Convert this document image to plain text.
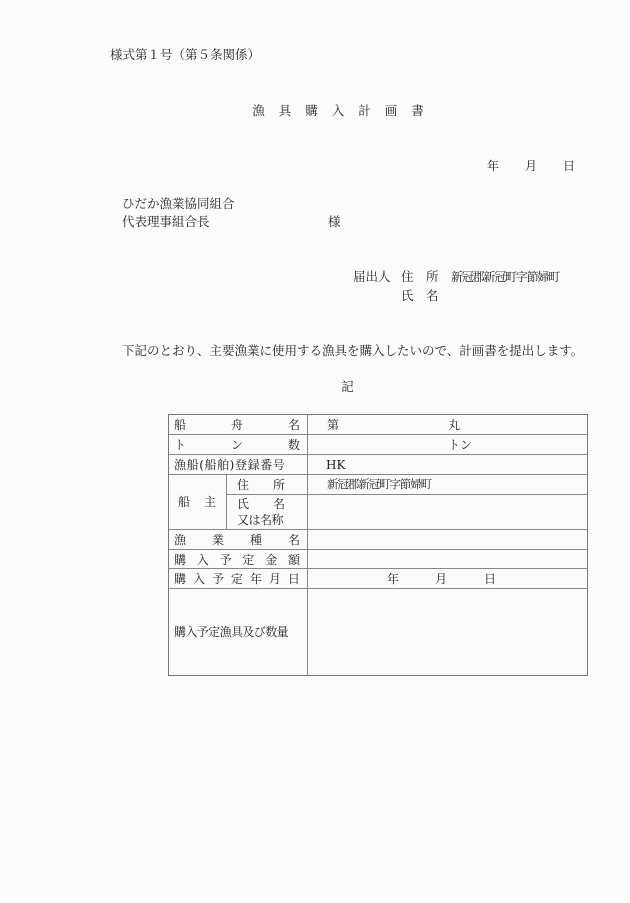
様式第１号（第５条関係）
漁具購入計画書
年 月 日
ひだか漁業協同組合
代表理事組合長	様
届出人 住　所 新冠郡新冠町字節婦町
氏　名
下記のとおり、主要漁業に使用する漁具を購入したいので、計画書を提出します。
記
船	舟	名 第	丸
ト	ン	数	トン
漁船(船舶)登録番号	HK
船　主
住　　所	新冠郡新冠町字節婦町
氏　　名
又は名称
漁 業 種 名
購 入 予 定 金 額
購 入 予 定 年 月 日	年	月	日
購入予定漁具及び数量
